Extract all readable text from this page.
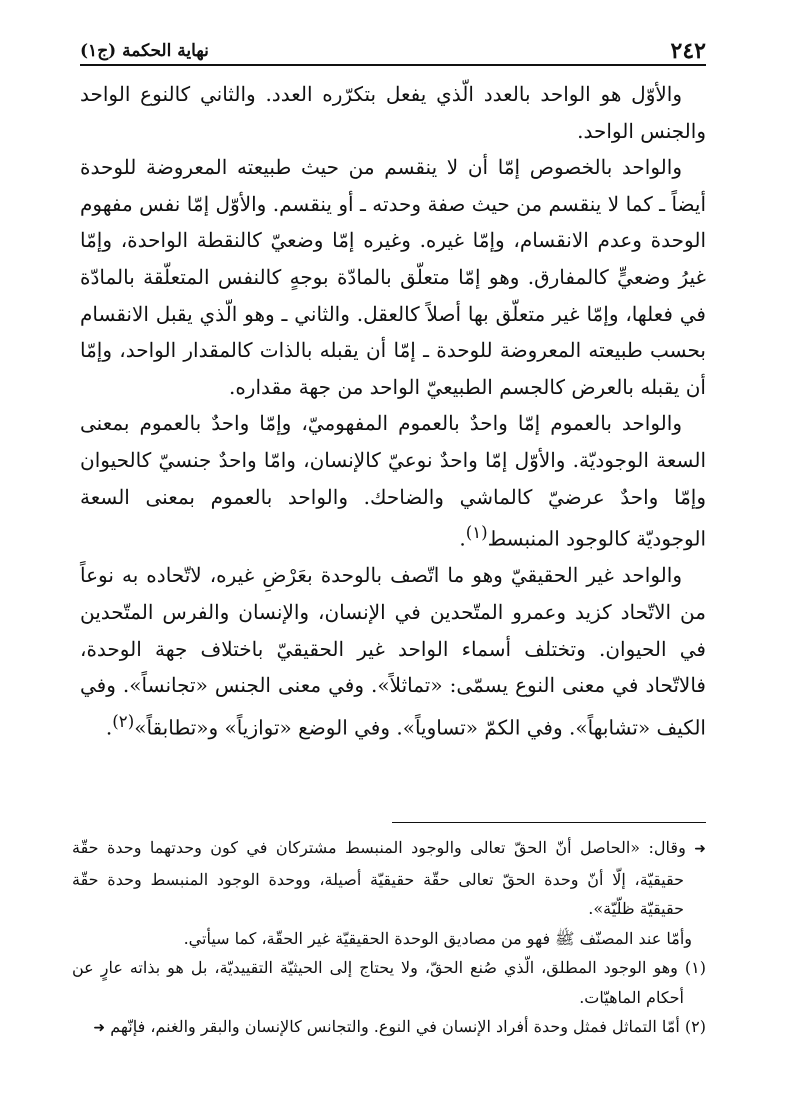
٢٤٢
نهاية الحكمة (ج١)

والأوّل هو الواحد بالعدد الّذي يفعل بتكرّره العدد. والثاني كالنوع الواحد والجنس الواحد.

والواحد بالخصوص إمّا أن لا ينقسم من حيث طبيعته المعروضة للوحدة أيضاً ـ كما لا ينقسم من حيث صفة وحدته ـ أو ينقسم. والأوّل إمّا نفس مفهوم الوحدة وعدم الانقسام، وإمّا غيره. وغيره إمّا وضعيّ كالنقطة الواحدة، وإمّا غيرُ وضعيٍّ كالمفارق. وهو إمّا متعلّق بالمادّة بوجهٍ كالنفس المتعلّقة بالمادّة في فعلها، وإمّا غير متعلّق بها أصلاً كالعقل. والثاني ـ وهو الّذي يقبل الانقسام بحسب طبيعته المعروضة للوحدة ـ إمّا أن يقبله بالذات كالمقدار الواحد، وإمّا أن يقبله بالعرض كالجسم الطبيعيّ الواحد من جهة مقداره.

والواحد بالعموم إمّا واحدٌ بالعموم المفهوميّ، وإمّا واحدٌ بالعموم بمعنى السعة الوجوديّة. والأوّل إمّا واحدٌ نوعيّ كالإنسان، وامّا واحدٌ جنسيّ كالحيوان وإمّا واحدٌ عرضيّ كالماشي والضاحك. والواحد بالعموم بمعنى السعة الوجوديّة كالوجود المنبسط$^{(١)}$.

والواحد غير الحقيقيّ وهو ما اتّصف بالوحدة بعَرْضِ غيره، لاتّحاده به نوعاً من الاتّحاد كزيد وعمرو المتّحدين في الإنسان، والإنسان والفرس المتّحدين في الحيوان. وتختلف أسماء الواحد غير الحقيقيّ باختلاف جهة الوحدة، فالاتّحاد في معنى النوع يسمّى: «تماثلاً». وفي معنى الجنس «تجانساً». وفي الكيف «تشابهاً». وفي الكمّ «تساوياً». وفي الوضع «توازياً» و«تطابقاً»$^{(٢)}$.

➜ وقال: «الحاصل أنّ الحقّ تعالى والوجود المنبسط مشتركان في كون وحدتهما وحدة حقّة حقيقيّة، إلّا أنّ وحدة الحقّ تعالى حقّة حقيقيّة أصيلة، ووحدة الوجود المنبسط وحدة حقّة حقيقيّة ظلّيّة».

وأمّا عند المصنّف ﷺ فهو من مصاديق الوحدة الحقيقيّة غير الحقّة، كما سيأتي.

(١) وهو الوجود المطلق، الّذي صُنع الحقّ، ولا يحتاج إلى الحيثيّة التقييديّة، بل هو بذاته عارٍ عن أحكام الماهيّات.

(٢) أمّا التماثل فمثل وحدة أفراد الإنسان في النوع. والتجانس كالإنسان والبقر والغنم، فإنّهم ➜
